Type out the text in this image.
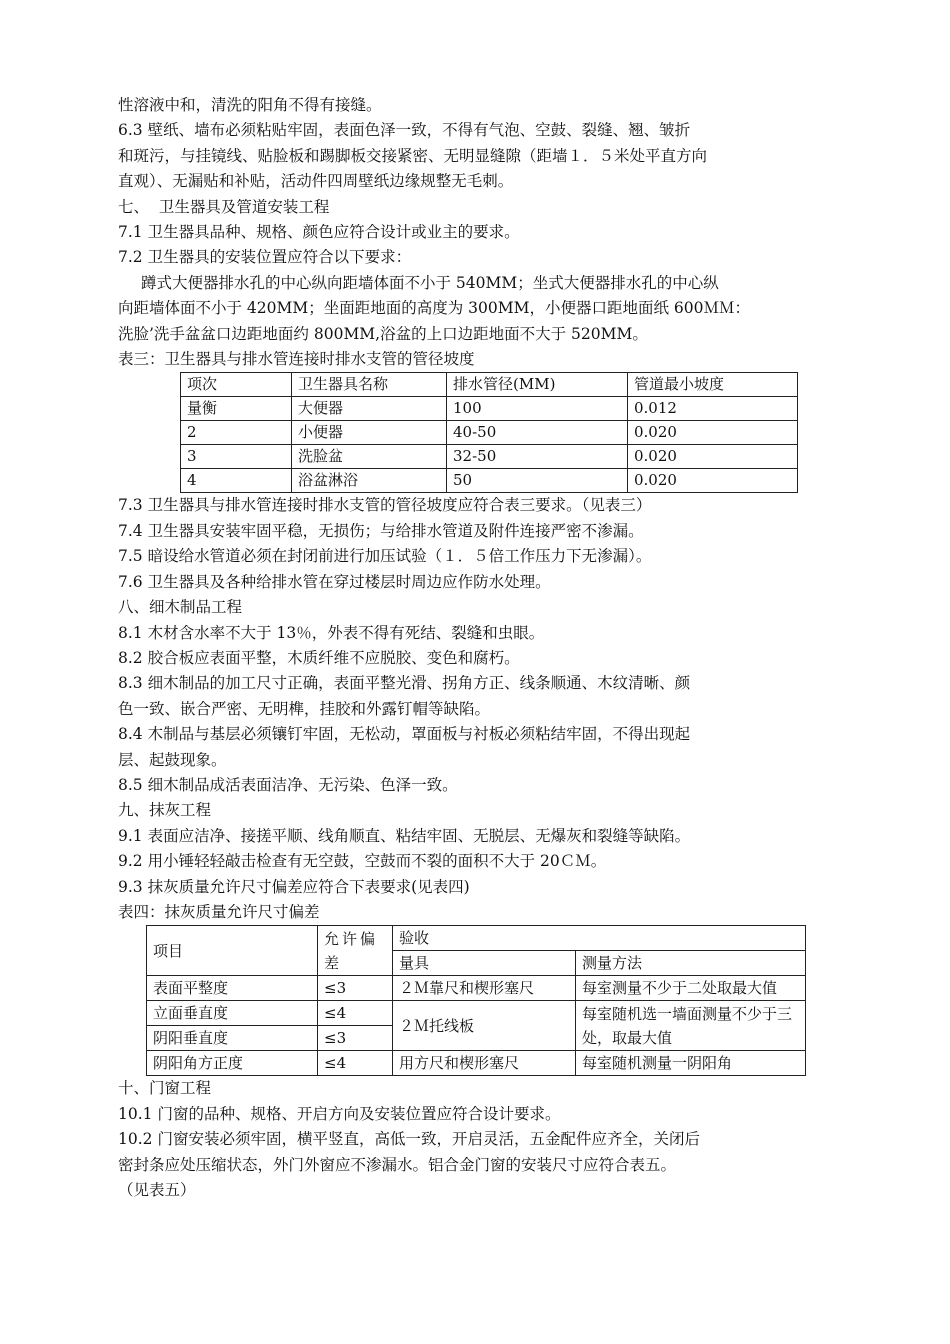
性溶液中和，清洗的阳角不得有接缝。
6.3 壁纸、墙布必须粘贴牢固，表面色泽一致，不得有气泡、空鼓、裂缝、翘、皱折
和斑污，与挂镜线、贴脸板和踢脚板交接紧密、无明显缝隙（距墙１．５米处平直方向
直观）、无漏贴和补贴，活动件四周壁纸边缘规整无毛刺。
七、  卫生器具及管道安装工程
7.1 卫生器具品种、规格、颜色应符合设计或业主的要求。
7.2 卫生器具的安装位置应符合以下要求：
蹲式大便器排水孔的中心纵向距墙体面不小于 540MM；坐式大便器排水孔的中心纵
向距墙体面不小于 420MM；坐面距地面的高度为 300MM，小便器口距地面纸 600ＭＭ：
洗脸’洗手盆盆口边距地面约 800MM,浴盆的上口边距地面不大于 520MM。
表三：卫生器具与排水管连接时排水支管的管径坡度
项次	卫生器具名称	排水管径(MM)	管道最小坡度
量衡	大便器	100	0.012
2	小便器	40-50	0.020
3	洗脸盆	32-50	0.020
4	浴盆淋浴	50	0.020
7.3 卫生器具与排水管连接时排水支管的管径坡度应符合表三要求。（见表三）
7.4 卫生器具安装牢固平稳，无损伤；与给排水管道及附件连接严密不渗漏。
7.5 暗设给水管道必须在封闭前进行加压试验（１．５倍工作压力下无渗漏）。
7.6 卫生器具及各种给排水管在穿过楼层时周边应作防水处理。
八、细木制品工程
8.1 木材含水率不大于 13％，外表不得有死结、裂缝和虫眼。
8.2 胶合板应表面平整，木质纤维不应脱胶、变色和腐朽。
8.3 细木制品的加工尺寸正确，表面平整光滑、拐角方正、线条顺通、木纹清晰、颜
色一致、嵌合严密、无明榫，挂胶和外露钉帽等缺陷。
8.4 木制品与基层必须镶钉牢固，无松动，罩面板与衬板必须粘结牢固，不得出现起
层、起鼓现象。
8.5 细木制品成活表面洁净、无污染、色泽一致。
九、抹灰工程
9.1 表面应洁净、接搓平顺、线角顺直、粘结牢固、无脱层、无爆灰和裂缝等缺陷。
9.2 用小锤轻轻敲击检查有无空鼓，空鼓而不裂的面积不大于 20ＣＭ。
9.3 抹灰质量允许尺寸偏差应符合下表要求(见表四)
表四：抹灰质量允许尺寸偏差
项目	允许偏差	验收	
		量具	测量方法
表面平整度	≤3	２Ｍ靠尺和楔形塞尺	每室测量不少于二处取最大值
立面垂直度	≤4	２Ｍ托线板	每室随机选一墙面测量不少于三处，取最大值
阴阳垂直度	≤3		
阴阳角方正度	≤4	用方尺和楔形塞尺	每室随机测量一阴阳角
十、门窗工程
10.1 门窗的品种、规格、开启方向及安装位置应符合设计要求。
10.2 门窗安装必须牢固，横平竖直，高低一致，开启灵活，五金配件应齐全，关闭后
密封条应处压缩状态，外门外窗应不渗漏水。铝合金门窗的安装尺寸应符合表五。
（见表五）
